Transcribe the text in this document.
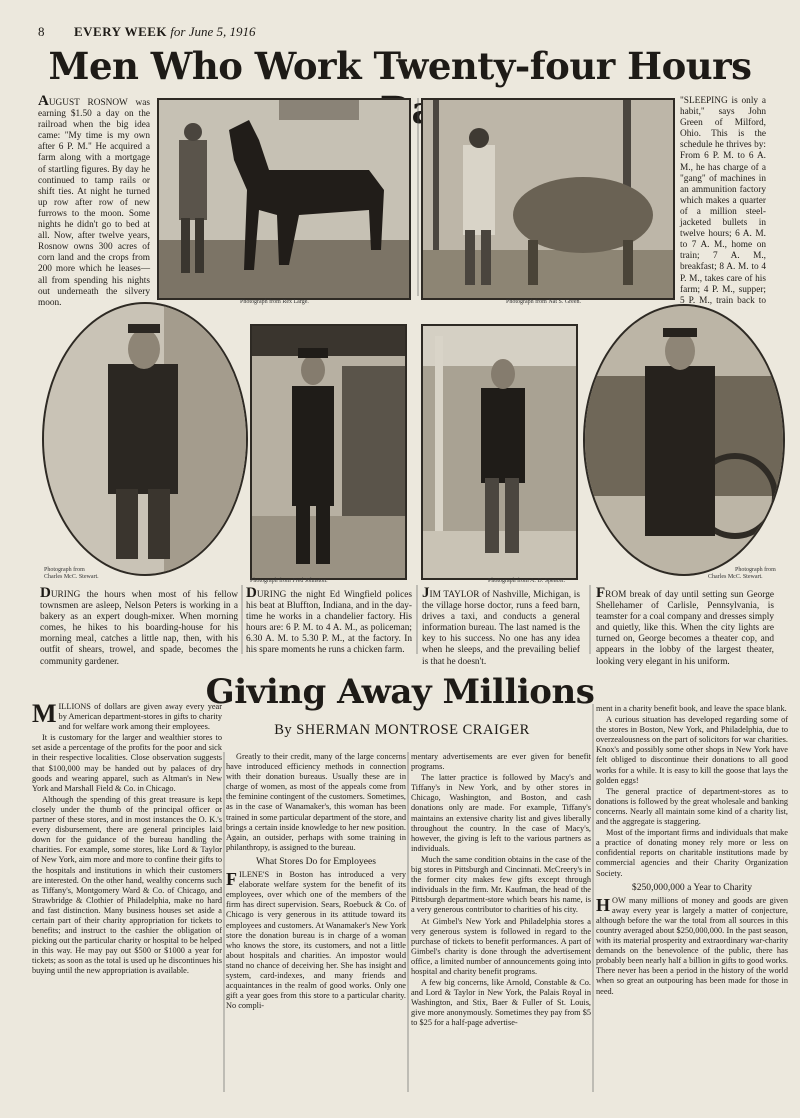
8 EVERY WEEK for June 5, 1916
Men Who Work Twenty-four Hours

AUGUST ROSNOW was earning $1.50 a day on the railroad when the big idea came: "My time is my own after 6 P. M." He acquired a farm along with a mortgage of startling figures. By day he continued to tamp rails or shift ties. At night he turned up row after row of new furrows to the moon. Some nights he didn't go to bed at all. Now, after twelve years, Rosnow owns 300 acres of corn land and the crops from 200 more which he leases—all from spending his nights out underneath the silvery moon.	Photograph from Rex Large.	Photograph from Nat S. Green.

"SLEEPING is only a habit," says John Green of Milford, Ohio. This is the schedule he thrives by: From 6 P. M. to 6 A. M., he has charge of a "gang" of machines in an ammunition factory which makes a quarter of a million steel-jacketed bullets in twelve hours; 6 A. M. to 7 A. M., home on train; 7 A. M., breakfast; 8 A. M. to 4 P. M., takes care of his farm; 4 P. M., supper; 5 P. M., train back to

Photograph from
Charles McC. Stewart.
Photograph from Fred Johnston.	Photograph from A. D. Spencer.
Photograph from
Charles McC. Stewart.

DURING the hours when most of his fellow townsmen are asleep, Nelson Peters is working in a bakery as an expert dough-mixer. When morning comes, he hikes to his boarding-house for his morning meal, catches a little nap, then, with his outfit of shears, trowel, and spade, becomes the community gardener.

DURING the night Ed Wingfield polices his beat at Bluffton, Indiana, and in the day-time he works in a chandelier factory. His hours are: 6 P. M. to 4 A. M., as policeman; 6.30 A. M. to 5.30 P. M., at the factory. In his spare moments he runs a chicken farm.

JIM TAYLOR of Nashville, Michigan, is the village horse doctor, runs a feed barn, drives a taxi, and conducts a general information bureau. The last named is the key to his success. No one has any idea when he sleeps, and the prevailing belief is that he doesn't.

FROM break of day until setting sun George Shellehamer of Carlisle, Pennsylvania, is teamster for a coal company and dresses simply and quietly, like this. When the city lights are turned on, George becomes a theater cop, and appears in the lobby of the largest theater, looking very elegant in his uniform.

Giving Away Millions
By SHERMAN MONTROSE CRAIGER

MILLIONS of dollars are given away every year by American department-stores in gifts to charity and for welfare work among their employees.

It is customary for the larger and wealthier stores to set aside a percentage of the profits for the poor and sick in their respective localities. Close observation suggests that $100,000 may be handed out by palaces of dry goods and wearing apparel, such as Altman's in New York and Marshall Field & Co. in Chicago.

Although the spending of this great treasure is kept closely under the thumb of the principal officer or partner of these stores, and in most instances the O. K.'s every disbursement, there are general principles laid down for the guidance of the bureau handling the charities. For example, some stores, like Lord & Taylor of New York, aim more and more to confine their gifts to the hospitals and institutions in which their customers are interested. On the other hand, wealthy concerns such as Tiffany's, Montgomery Ward & Co. of Chicago, and Strawbridge & Clothier of Philadelphia, make no hard and fast distinction. Many business houses set aside a certain part of their charity appropriation for tickets to benefits; and instruct to the cashier the obligation of picking out the particular charity or hospital to be helped in this way. He may pay out $500 or $1000 a year for tickets; as soon as the total is used up he discontinues his buying until the new appropriation is available.

Greatly to their credit, many of the large concerns have introduced efficiency methods in connection with their donation bureaus. Usually these are in charge of women, as most of the appeals come from the feminine contingent of the customers. Sometimes, as in the case of Wanamaker's, this woman has been trained in some particular department of the store, and brings a certain inside knowledge to her new position. Again, an outsider, perhaps with some training in philanthropy, is assigned to the bureau.

What Stores Do for Employees

FILENE'S in Boston has introduced a very elaborate welfare system for the benefit of its employees, over which one of the members of the firm has direct supervision. Sears, Roebuck & Co. of Chicago is very generous in its attitude toward its employees and customers. At Wanamaker's New York store the donation bureau is in charge of a woman who knows the store, its customers, and not a little about hospitals and charities. An impostor would stand no chance of deceiving her. She has insight and system, card-indexes, and many friends and acquaintances in the realm of good works. Only one gift a year goes from this store to a particular charity. No compli-

mentary advertisements are ever given for benefit programs.

The latter practice is followed by Macy's and Tiffany's in New York, and by other stores in Chicago, Washington, and Boston, and cash donations only are made. For example, Tiffany's maintains an extensive charity list and gives liberally throughout the country. In the case of Macy's, however, the giving is left to the various partners as individuals.

Much the same condition obtains in the case of the big stores in Pittsburgh and Cincinnati. McCreery's in the former city makes few gifts except through individuals in the firm. Mr. Kaufman, the head of the Pittsburgh department-store which bears his name, is a very generous contributor to charities of his city.

At Gimbel's New York and Philadelphia stores a very generous system is followed in regard to the purchase of tickets to benefit performances. A part of Gimbel's charity is done through the advertisement office, a limited number of announcements going into hospital and charity benefit programs.

A few big concerns, like Arnold, Constable & Co. and Lord & Taylor in New York, the Palais Royal in Washington, and Stix, Baer & Fuller of St. Louis, give more anonymously. Sometimes they pay from $5 to $25 for a half-page advertise-

ment in a charity benefit book, and leave the space blank.

A curious situation has developed regarding some of the stores in Boston, New York, and Philadelphia, due to overzealousness on the part of solicitors for war charities. Knox's and possibly some other shops in New York have felt obliged to discontinue their donations to all good works for a while. It is easy to kill the goose that lays the golden eggs!

The general practice of department-stores as to donations is followed by the great wholesale and banking concerns. Nearly all maintain some kind of a charity list, and the aggregate is staggering.

Most of the important firms and individuals that make a practice of donating money rely more or less on confidential reports on charitable institutions made by commercial agencies and their Charity Organization Society.

$250,000,000 a Year to Charity

HOW many millions of money and goods are given away every year is largely a matter of conjecture, although before the war the total from all sources in this country averaged about $250,000,000. In the past season, with its material prosperity and extraordinary war-charity demands on the benevolence of the public, there has probably been nearly half a billion in gifts to good works. There never has been a period in the history of the world when so great an outpouring has been made for those in need.
